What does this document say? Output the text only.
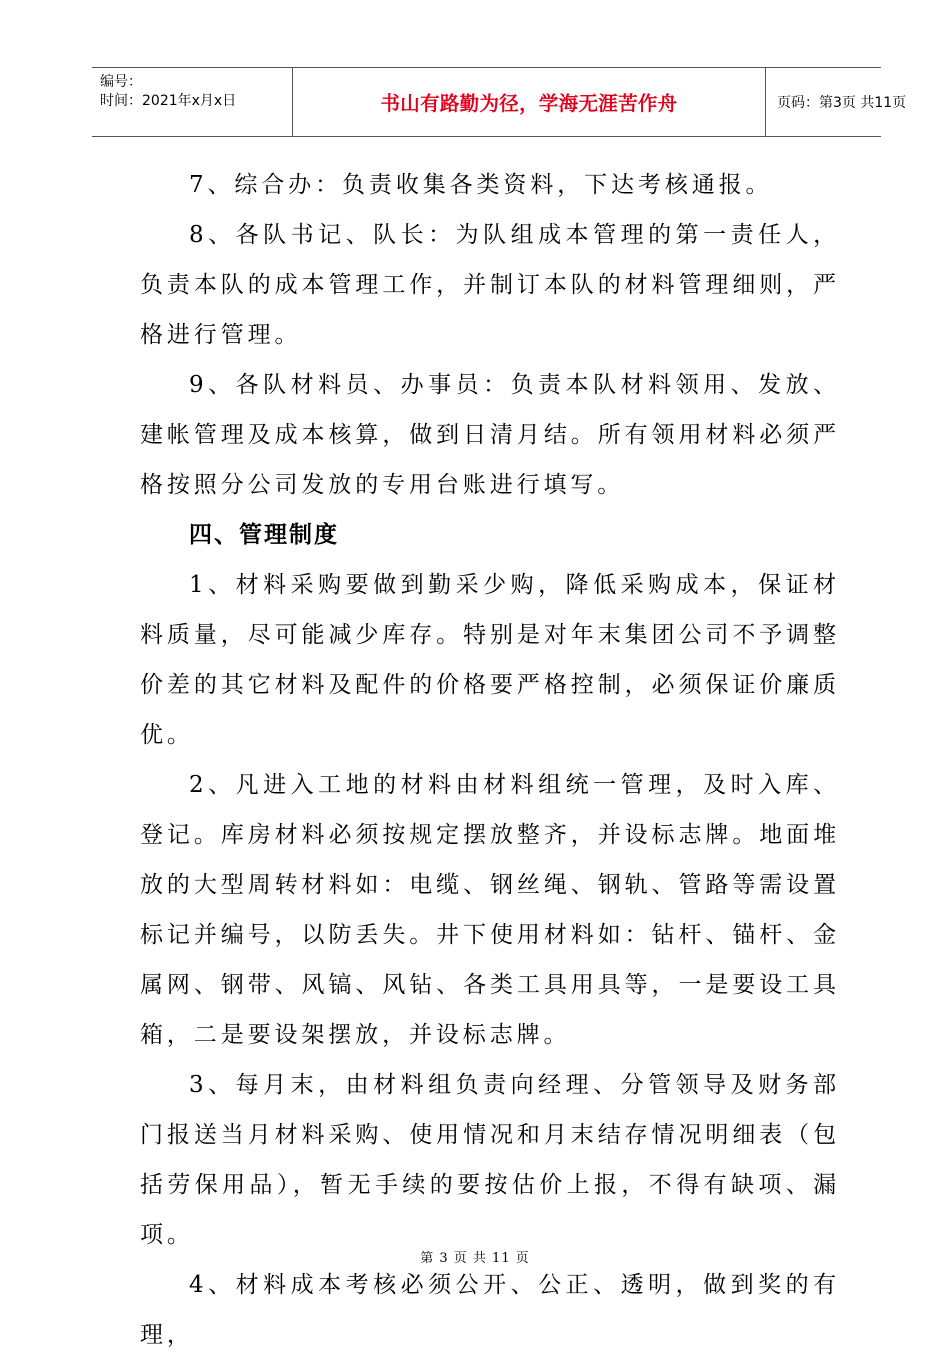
编号：
时间：2021年x月x日	书山有路勤为径，学海无涯苦作舟	页码：第3页 共11页

7、综合办：负责收集各类资料，下达考核通报。

8、各队书记、队长：为队组成本管理的第一责任人，负责本队的成本管理工作，并制订本队的材料管理细则，严格进行管理。

9、各队材料员、办事员：负责本队材料领用、发放、建帐管理及成本核算，做到日清月结。所有领用材料必须严格按照分公司发放的专用台账进行填写。

四、管理制度

1、材料采购要做到勤采少购，降低采购成本，保证材料质量，尽可能减少库存。特别是对年末集团公司不予调整价差的其它材料及配件的价格要严格控制，必须保证价廉质优。

2、凡进入工地的材料由材料组统一管理，及时入库、登记。库房材料必须按规定摆放整齐，并设标志牌。地面堆放的大型周转材料如：电缆、钢丝绳、钢轨、管路等需设置标记并编号，以防丢失。井下使用材料如：钻杆、锚杆、金属网、钢带、风镐、风钻、各类工具用具等，一是要设工具箱，二是要设架摆放，并设标志牌。

3、每月末，由材料组负责向经理、分管领导及财务部门报送当月材料采购、使用情况和月末结存情况明细表（包括劳保用品），暂无手续的要按估价上报，不得有缺项、漏项。

4、材料成本考核必须公开、公正、透明，做到奖的有理，

第 3 页 共 11 页
